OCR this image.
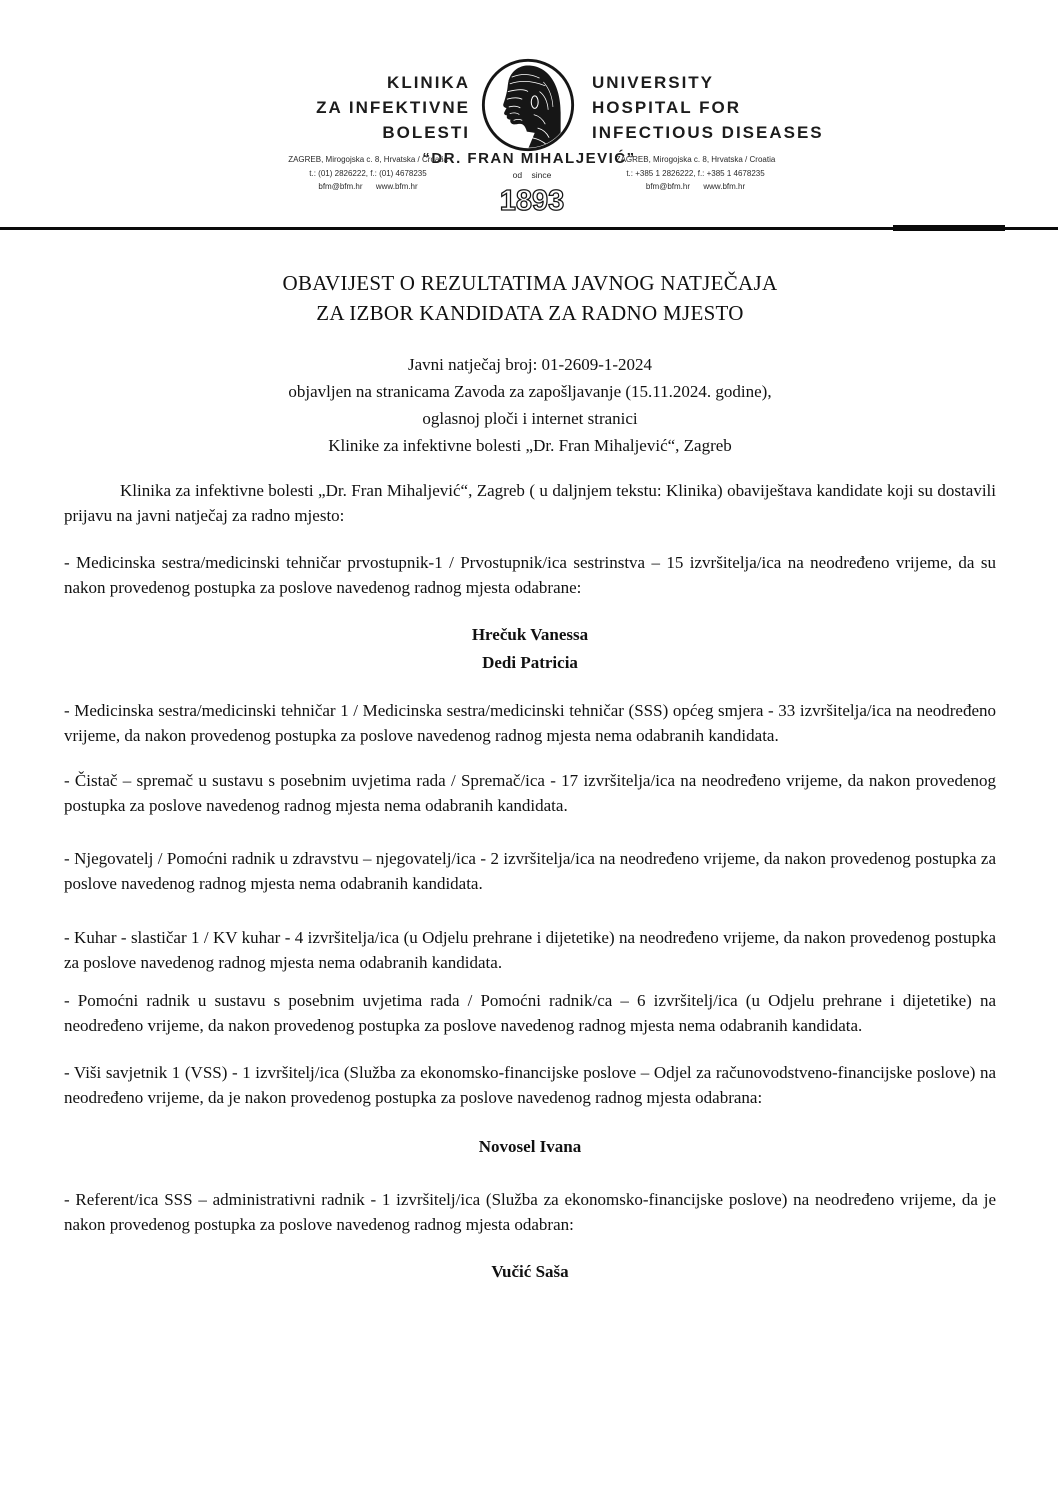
KLINIKA
ZA INFEKTIVNE
BOLESTI
UNIVERSITY
HOSPITAL FOR
INFECTIOUS DISEASES
“DR. FRAN MIHALJEVIĆ”
ZAGREB, Mirogojska c. 8, Hrvatska / Croatia
t.: (01) 2826222, f.: (01) 4678235
bfm@bfm.hr      www.bfm.hr
ZAGREB, Mirogojska c. 8, Hrvatska / Croatia
t.: +385 1 2826222, f.: +385 1 4678235
bfm@bfm.hr      www.bfm.hr
od    since
1893
OBAVIJEST O REZULTATIMA JAVNOG NATJEČAJA
ZA IZBOR KANDIDATA ZA RADNO MJESTO
Javni natječaj broj: 01-2609-1-2024
objavljen na stranicama Zavoda za zapošljavanje (15.11.2024. godine),
oglasnoj ploči i internet stranici
Klinike za infektivne bolesti „Dr. Fran Mihaljević“, Zagreb

Klinika za infektivne bolesti „Dr. Fran Mihaljević“, Zagreb ( u daljnjem tekstu: Klinika) obaviještava kandidate koji su dostavili prijavu na javni natječaj za radno mjesto:

- Medicinska sestra/medicinski tehničar prvostupnik-1 / Prvostupnik/ica sestrinstva – 15 izvršitelja/ica na neodređeno vrijeme, da su nakon provedenog postupka za poslove navedenog radnog mjesta odabrane:

Hrečuk Vanessa
Dedi Patricia

- Medicinska sestra/medicinski tehničar 1 / Medicinska sestra/medicinski tehničar (SSS) općeg smjera - 33 izvršitelja/ica na neodređeno vrijeme, da nakon provedenog postupka za poslove navedenog radnog mjesta nema odabranih kandidata.

- Čistač – spremač u sustavu s posebnim uvjetima rada / Spremač/ica - 17 izvršitelja/ica na neodređeno vrijeme, da nakon provedenog postupka za poslove navedenog radnog mjesta nema odabranih kandidata.

- Njegovatelj / Pomoćni radnik u zdravstvu – njegovatelj/ica - 2 izvršitelja/ica na neodređeno vrijeme, da nakon provedenog postupka za poslove navedenog radnog mjesta nema odabranih kandidata.

- Kuhar - slastičar 1 / KV kuhar - 4 izvršitelja/ica (u Odjelu prehrane i dijetetike) na neodređeno vrijeme, da nakon provedenog postupka za poslove navedenog radnog mjesta nema odabranih kandidata.

- Pomoćni radnik u sustavu s posebnim uvjetima rada / Pomoćni radnik/ca – 6 izvršitelj/ica (u Odjelu prehrane i dijetetike) na neodređeno vrijeme, da nakon provedenog postupka za poslove navedenog radnog mjesta nema odabranih kandidata.

- Viši savjetnik 1 (VSS) - 1 izvršitelj/ica (Služba za ekonomsko-financijske poslove – Odjel za računovodstveno-financijske poslove) na neodređeno vrijeme, da je nakon provedenog postupka za poslove navedenog radnog mjesta odabrana:

Novosel Ivana

- Referent/ica SSS – administrativni radnik - 1 izvršitelj/ica (Služba za ekonomsko-financijske poslove) na neodređeno vrijeme, da je nakon provedenog postupka za poslove navedenog radnog mjesta odabran:

Vučić Saša
